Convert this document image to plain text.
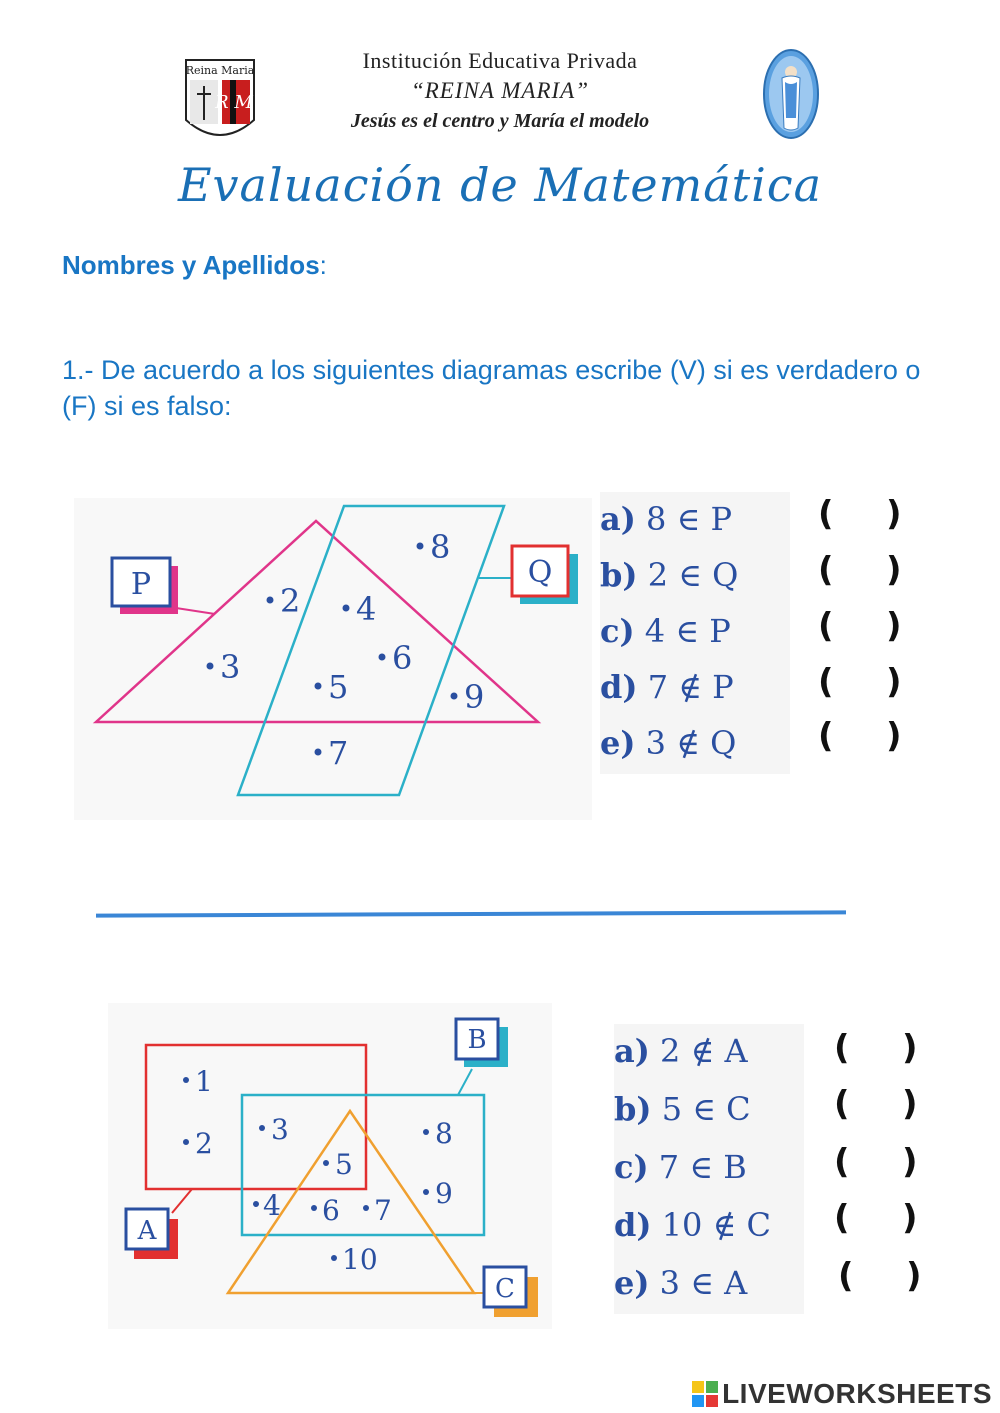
Reina Maria
R M
Institución Educativa Privada
“REINA MARIA”
Jesús es el centro y María el modelo
Evaluación de Matemática
Nombres y Apellidos:
1.- De acuerdo a los siguientes diagramas escribe (V) si es verdadero o (F) si es falso:
P	Q
8
2 4
6
3
5	9
7
a) 8 ∈ P
b) 2 ∈ Q
c) 4 ∈ P
d) 7 ∉ P
e) 3 ∉ Q
( )
( )
( )
( )
( )
A
B
C
1
2 3
5
8
9
4 6 7
10
a) 2 ∉ A
b) 5 ∈ C
c) 7 ∈ B
d) 10 ∉ C
e) 3 ∈ A
( )
( )
( )
( )
( )
LIVEWORKSHEETS
